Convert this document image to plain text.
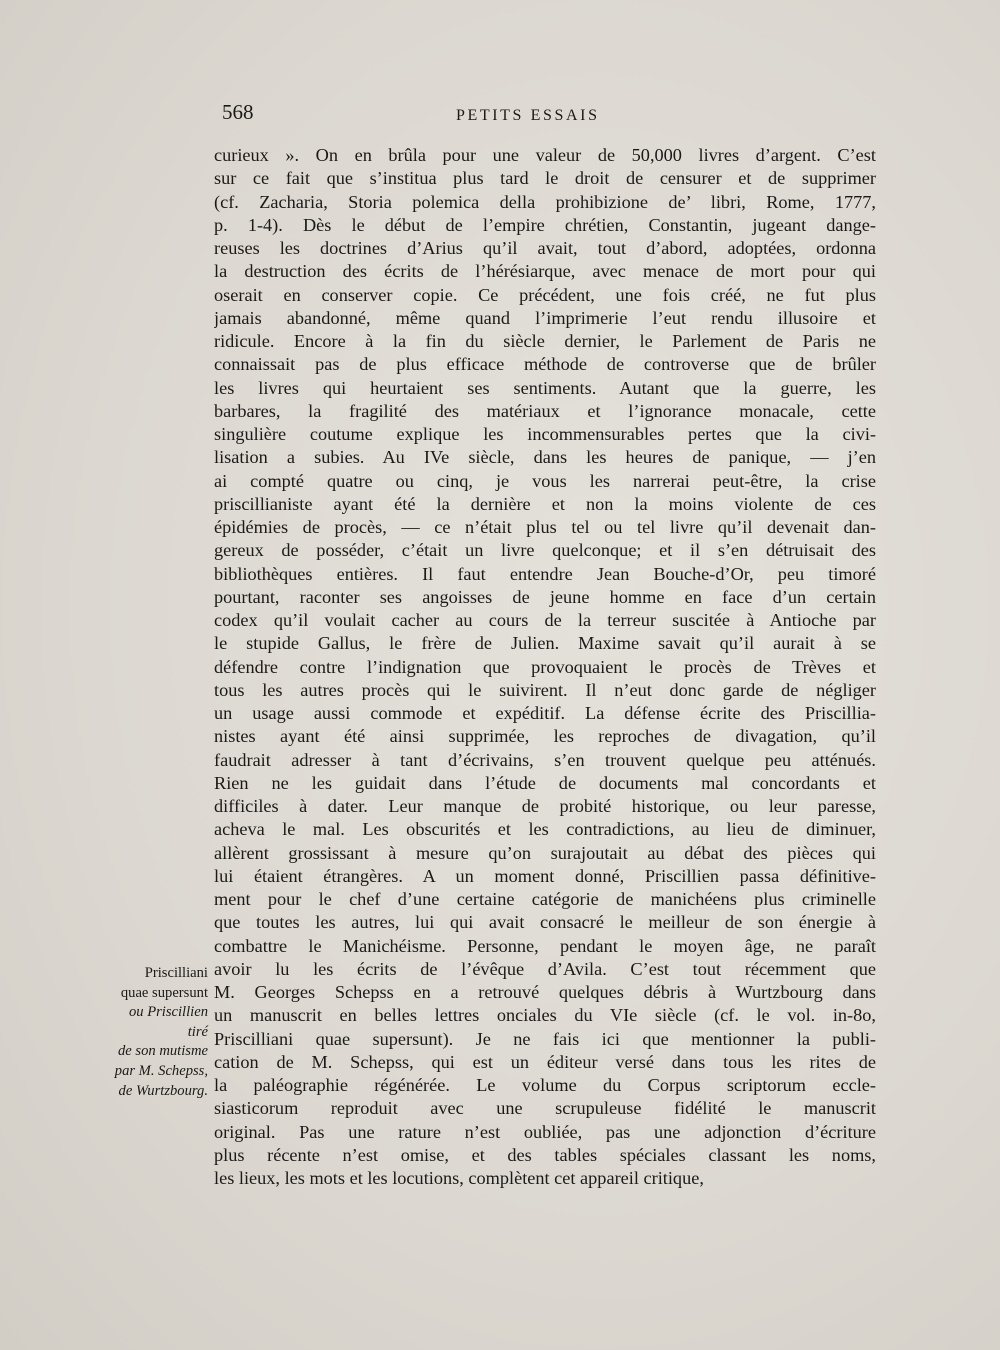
568	PETITS ESSAIS
curieux ». On en brûla pour une valeur de 50,000 livres d’argent. C’est
sur ce fait que s’institua plus tard le droit de censurer et de supprimer
(cf. Zacharia, Storia polemica della prohibizione de’ libri, Rome, 1777,
p. 1-4). Dès le début de l’empire chrétien, Constantin, jugeant dange-
reuses les doctrines d’Arius qu’il avait, tout d’abord, adoptées, ordonna
la destruction des écrits de l’hérésiarque, avec menace de mort pour qui
oserait en conserver copie. Ce précédent, une fois créé, ne fut plus
jamais abandonné, même quand l’imprimerie l’eut rendu illusoire et
ridicule. Encore à la fin du siècle dernier, le Parlement de Paris ne
connaissait pas de plus efficace méthode de controverse que de brûler
les livres qui heurtaient ses sentiments. Autant que la guerre, les
barbares, la fragilité des matériaux et l’ignorance monacale, cette
singulière coutume explique les incommensurables pertes que la civi-
lisation a subies. Au IVe siècle, dans les heures de panique, — j’en
ai compté quatre ou cinq, je vous les narrerai peut-être, la crise
priscillianiste ayant été la dernière et non la moins violente de ces
épidémies de procès, — ce n’était plus tel ou tel livre qu’il devenait dan-
gereux de posséder, c’était un livre quelconque; et il s’en détruisait des
bibliothèques entières. Il faut entendre Jean Bouche-d’Or, peu timoré
pourtant, raconter ses angoisses de jeune homme en face d’un certain
codex qu’il voulait cacher au cours de la terreur suscitée à Antioche par
le stupide Gallus, le frère de Julien. Maxime savait qu’il aurait à se
défendre contre l’indignation que provoquaient le procès de Trèves et
tous les autres procès qui le suivirent. Il n’eut donc garde de négliger
un usage aussi commode et expéditif. La défense écrite des Priscillia-
nistes ayant été ainsi supprimée, les reproches de divagation, qu’il
faudrait adresser à tant d’écrivains, s’en trouvent quelque peu atténués.
Rien ne les guidait dans l’étude de documents mal concordants et
difficiles à dater. Leur manque de probité historique, ou leur paresse,
acheva le mal. Les obscurités et les contradictions, au lieu de diminuer,
allèrent grossissant à mesure qu’on surajoutait au débat des pièces qui
lui étaient étrangères. A un moment donné, Priscillien passa définitive-
ment pour le chef d’une certaine catégorie de manichéens plus criminelle
que toutes les autres, lui qui avait consacré le meilleur de son énergie à
combattre le Manichéisme. Personne, pendant le moyen âge, ne paraît
avoir lu les écrits de l’évêque d’Avila. C’est tout récemment que
M. Georges Schepss en a retrouvé quelques débris à Wurtzbourg dans
un manuscrit en belles lettres onciales du VIe siècle (cf. le vol. in-8o,
Priscilliani quae supersunt). Je ne fais ici que mentionner la publi-
cation de M. Schepss, qui est un éditeur versé dans tous les rites de
la paléographie régénérée. Le volume du Corpus scriptorum eccle-
siasticorum reproduit avec une scrupuleuse fidélité le manuscrit
original. Pas une rature n’est oubliée, pas une adjonction d’écriture
plus récente n’est omise, et des tables spéciales classant les noms,
les lieux, les mots et les locutions, complètent cet appareil critique,
Priscilliani
quae supersunt
ou Priscillien
tiré
de son mutisme
par M. Schepss,
de Wurtzbourg.
